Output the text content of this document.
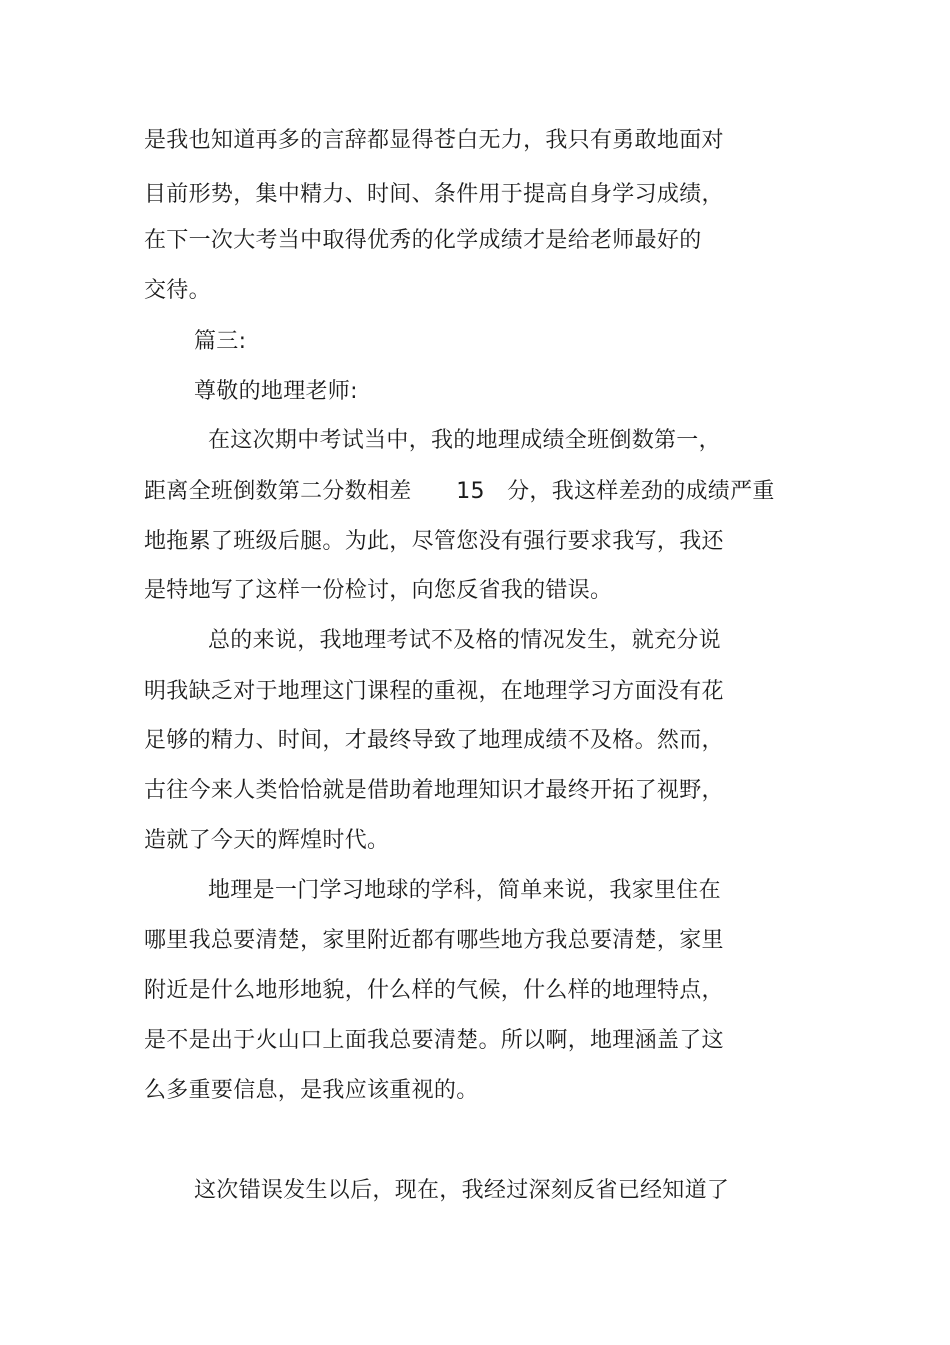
是我也知道再多的言辞都显得苍白无力，我只有勇敢地面对
目前形势，集中精力、时间、条件用于提高自身学习成绩，
在下一次大考当中取得优秀的化学成绩才是给老师最好的
交待。
篇三:
尊敬的地理老师:
在这次期中考试当中，我的地理成绩全班倒数第一，
距离全班倒数第二分数相差　　15　分，我这样差劲的成绩严重
地拖累了班级后腿。为此，尽管您没有强行要求我写，我还
是特地写了这样一份检讨，向您反省我的错误。
总的来说，我地理考试不及格的情况发生，就充分说
明我缺乏对于地理这门课程的重视，在地理学习方面没有花
足够的精力、时间，才最终导致了地理成绩不及格。然而，
古往今来人类恰恰就是借助着地理知识才最终开拓了视野，
造就了今天的辉煌时代。
地理是一门学习地球的学科，简单来说，我家里住在
哪里我总要清楚，家里附近都有哪些地方我总要清楚，家里
附近是什么地形地貌，什么样的气候，什么样的地理特点，
是不是出于火山口上面我总要清楚。所以啊，地理涵盖了这
么多重要信息，是我应该重视的。
这次错误发生以后，现在，我经过深刻反省已经知道了
